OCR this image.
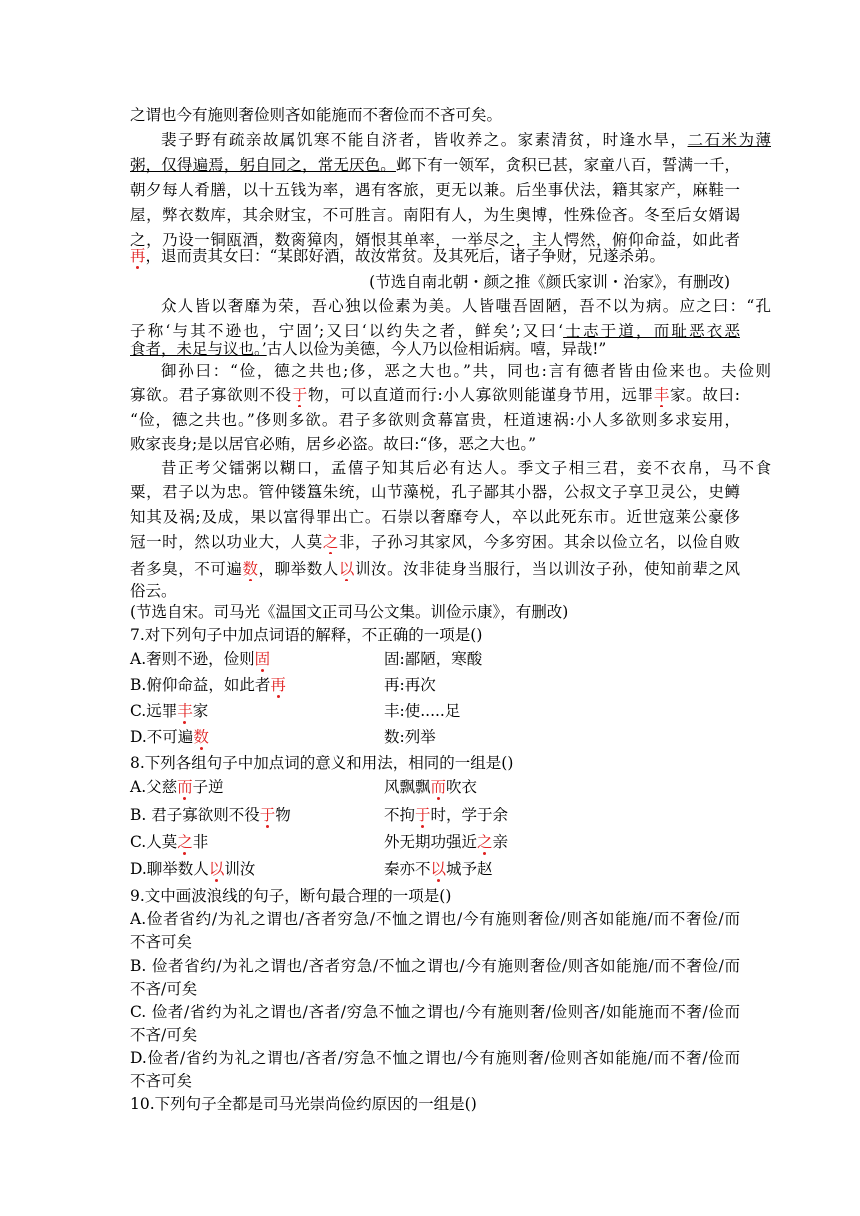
之谓也今有施则奢俭则吝如能施而不奢俭而不吝可矣。
裴子野有疏亲故属饥寒不能自济者，皆收养之。家素清贫，时逢水旱，二石米为薄
粥，仅得遍焉，躬自同之，常无厌色。邺下有一领军，贪积已甚，家童八百，誓满一千，
朝夕每人肴膳，以十五钱为率，遇有客旅，更无以兼。后坐事伏法，籍其家产，麻鞋一
屋，弊衣数库，其余财宝，不可胜言。南阳有人，为生奥博，性殊俭吝。冬至后女婿谒
之，乃设一铜瓯酒，数脔獐肉，婿恨其单率，一举尽之，主人愕然，俯仰命益，如此者
再，退而责其女曰：“某郎好酒，故汝常贫。及其死后，诸子争财，兄遂杀弟。
(节选自南北朝・颜之推《颜氏家训・治家》，有删改)
众人皆以奢靡为荣，吾心独以俭素为美。人皆嗤吾固陋，吾不以为病。应之曰：“孔
子称‘与其不逊也，宁固’;又曰‘以约失之者，鲜矣’;又曰‘士志于道，而耻恶衣恶
食者，未足与议也。’古人以俭为美德，今人乃以俭相诟病。嘻，异哉!”
御孙曰：“俭，德之共也;侈，恶之大也。”共，同也:言有德者皆由俭来也。夫俭则
寡欲。君子寡欲则不役于物，可以直道而行:小人寡欲则能谨身节用，远罪丰家。故曰:
“俭，德之共也。”侈则多欲。君子多欲则贪幕富贵，枉道速祸:小人多欲则多求妄用，
败家丧身;是以居官必贿，居乡必盗。故曰:“侈，恶之大也。”
昔正考父镭粥以糊口，孟僖子知其后必有达人。季文子相三君，妾不衣帛，马不食
粟，君子以为忠。管仲镂簋朱统，山节藻棁，孔子鄙其小器，公叔文子享卫灵公，史鳟
知其及祸;及成，果以富得罪出亡。石崇以奢靡夸人，卒以此死东市。近世寇莱公豪侈
冠一时，然以功业大，人莫之非，子孙习其家风，今多穷困。其余以俭立名，以俭自败
者多臭，不可遍数，聊举数人以训汝。汝非徒身当服行，当以训汝子孙，使知前辈之风
俗云。
(节选自宋。司马光《温国文正司马公文集。训俭示康》，有删改)
7.对下列句子中加点词语的解释，不正确的一项是()
A.奢则不逊，俭则固	固:鄙陋，寒酸
B.俯仰命益，如此者再	再:再次
C.远罪丰家	丰:使.....足
D.不可遍数	数:列举
8.下列各组句子中加点词的意义和用法，相同的一组是()
A.父慈而子逆	风飘飘而吹衣
B. 君子寡欲则不役于物	不拘于时，学于余
C.人莫之非	外无期功强近之亲
D.聊举数人以训汝	秦亦不以城予赵
9.文中画波浪线的句子，断句最合理的一项是()
A.俭者省约/为礼之谓也/吝者穷急/不恤之谓也/今有施则奢俭/则吝如能施/而不奢俭/而
不吝可矣
B. 俭者省约/为礼之谓也/吝者穷急/不恤之谓也/今有施则奢俭/则吝如能施/而不奢俭/而
不吝/可矣
C. 俭者/省约为礼之谓也/吝者/穷急不恤之谓也/今有施则奢/俭则吝/如能施而不奢/俭而
不吝/可矣
D.俭者/省约为礼之谓也/吝者/穷急不恤之谓也/今有施则奢/俭则吝如能施/而不奢/俭而
不吝可矣
10.下列句子全都是司马光崇尚俭约原因的一组是()
